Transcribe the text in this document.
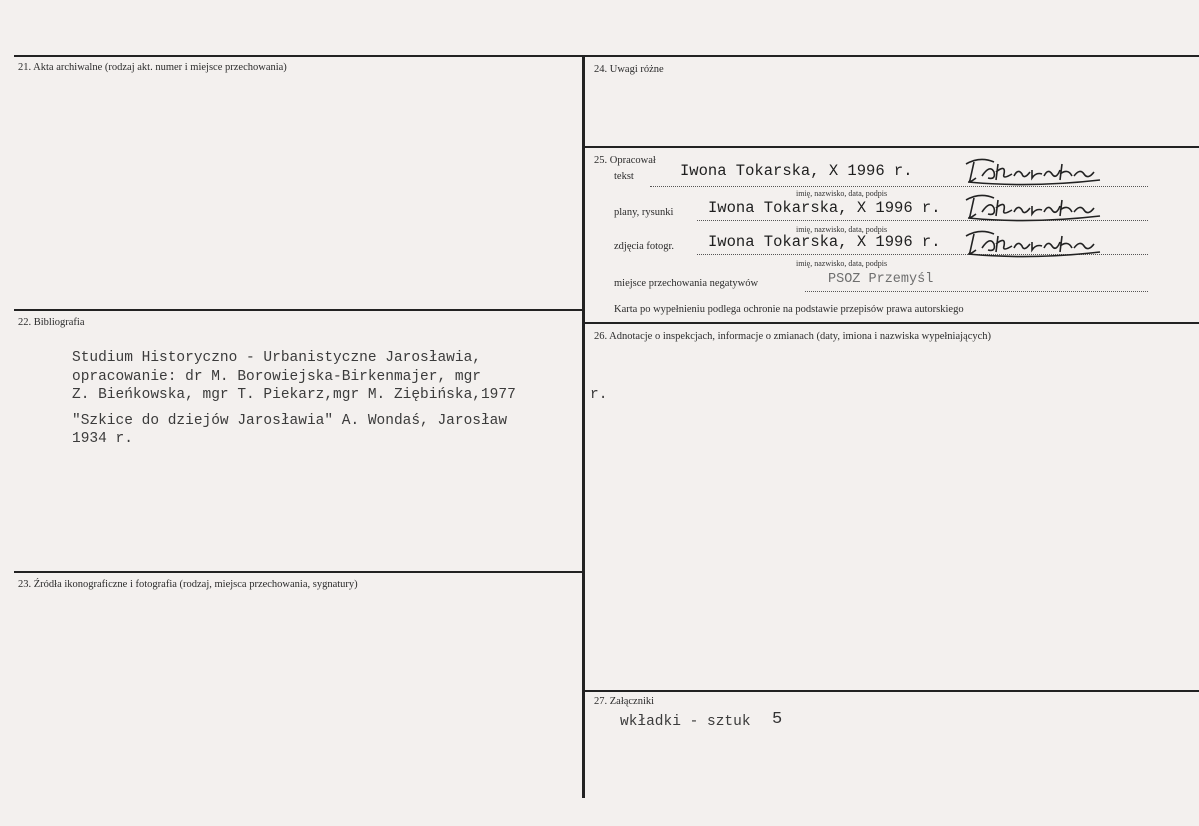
21. Akta archiwalne (rodzaj akt. numer i miejsce przechowania)
22. Bibliografia
23. Źródła ikonograficzne i fotografia (rodzaj, miejsca przechowania, sygnatury)
24. Uwagi różne
25. Opracował
26. Adnotacje o inspekcjach, informacje o zmianach (daty, imiona i nazwiska wypełniających)
27. Załączniki
tekst	Iwona Tokarska, X 1996 r.
imię, nazwisko, data, podpis
plany, rysunki Iwona Tokarska, X 1996 r.
imię, nazwisko, data, podpis
zdjęcia fotogr. Iwona Tokarska, X 1996 r.
imię, nazwisko, data, podpis
miejsce przechowania negatywów	PSOZ Przemyśl
Karta po wypełnieniu podlega ochronie na podstawie przepisów prawa autorskiego
Studium Historyczno - Urbanistyczne Jarosławia,
opracowanie: dr M. Borowiejska-Birkenmajer, mgr
Z. Bieńkowska, mgr T. Piekarz,mgr M. Ziębińska,1977	r.
"Szkice do dziejów Jarosławia" A. Wondaś, Jarosław
1934 r.
wkładki - sztuk 5
